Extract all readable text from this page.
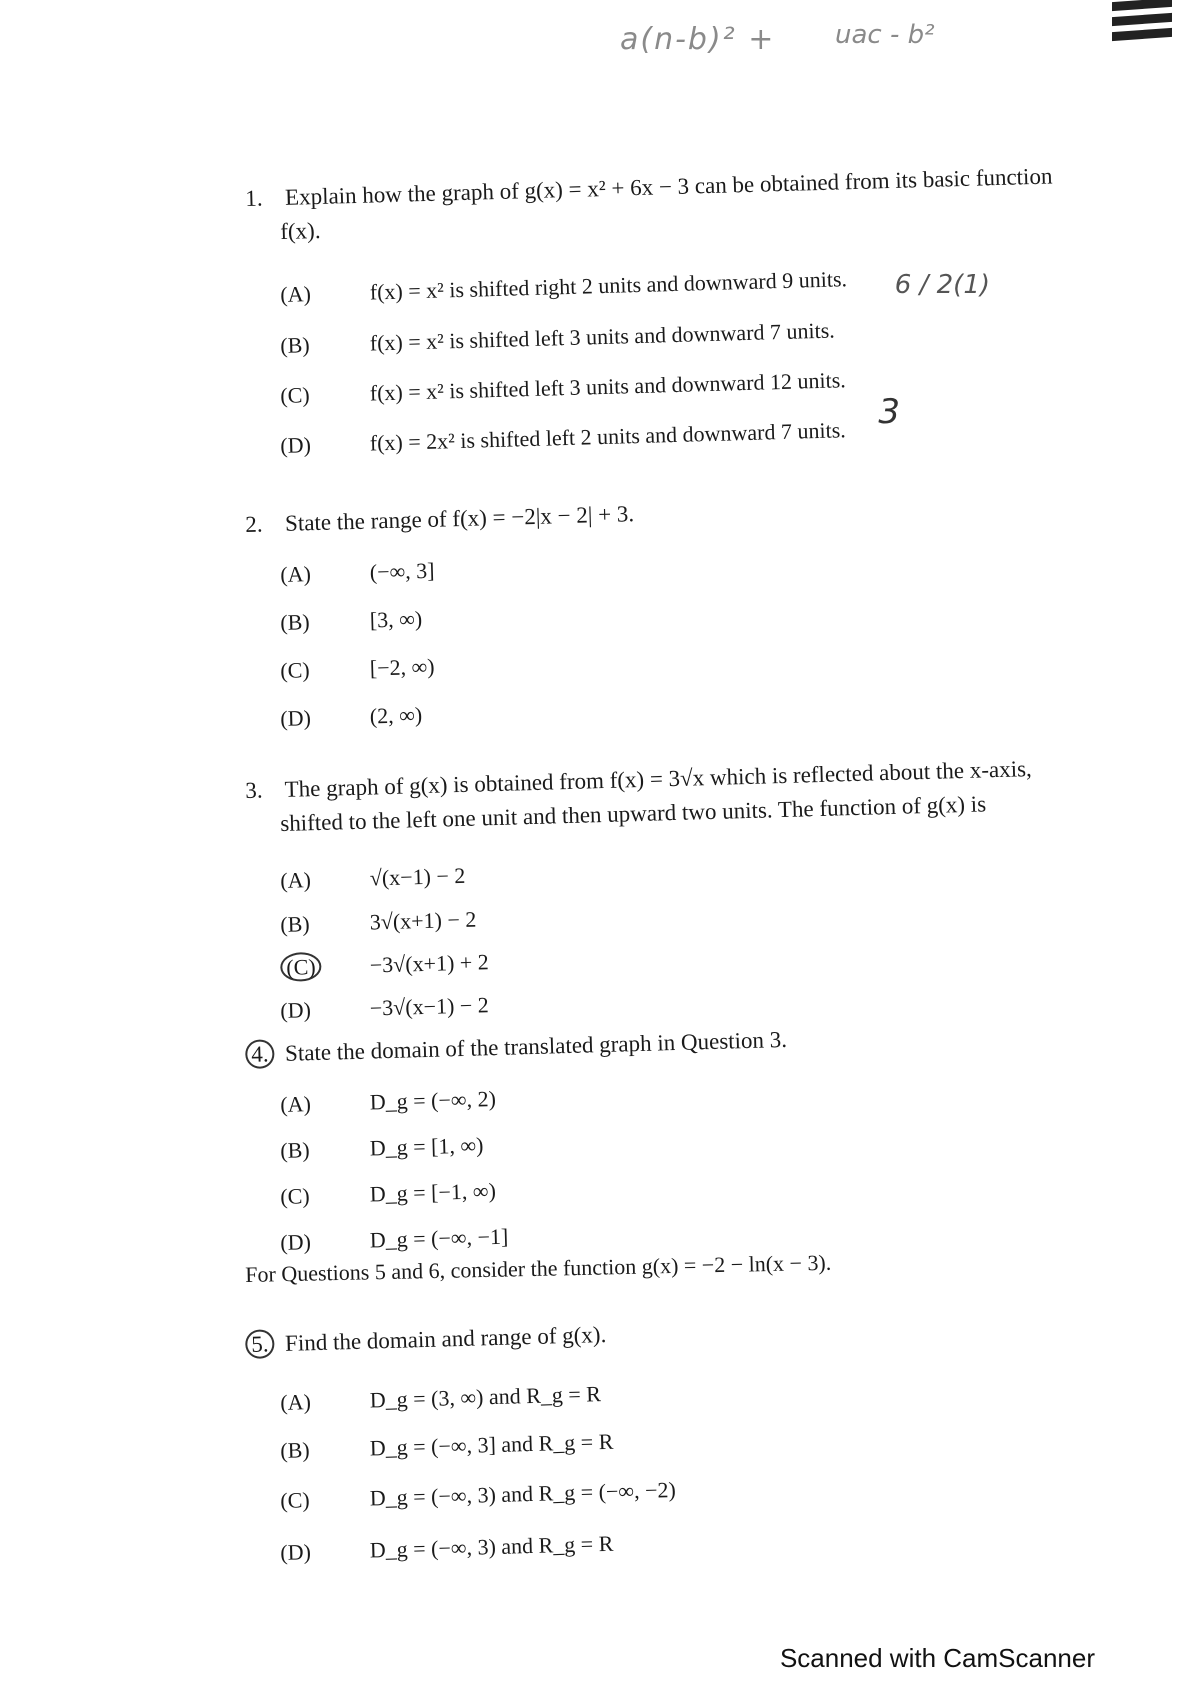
a(n-b)² + uac - b²
6 / 2(1)
3
1. Explain how the graph of g(x) = x² + 6x − 3 can be obtained from its basic function
f(x).
(A)	f(x) = x² is shifted right 2 units and downward 9 units.
(B)	f(x) = x² is shifted left 3 units and downward 7 units.
(C)	f(x) = x² is shifted left 3 units and downward 12 units.
(D)	f(x) = 2x² is shifted left 2 units and downward 7 units.
2. State the range of f(x) = −2|x − 2| + 3.
(A)	(−∞, 3]
(B)	[3, ∞)
(C)	[−2, ∞)
(D)	(2, ∞)
3. The graph of g(x) is obtained from f(x) = 3√x which is reflected about the x-axis,
shifted to the left one unit and then upward two units. The function of g(x) is
(A)	√(x−1) − 2
(B)	3√(x+1) − 2
(C) −3√(x+1) + 2
(D)	−3√(x−1) − 2
4. State the domain of the translated graph in Question 3.
(A)	D_g = (−∞, 2)
(B)	D_g = [1, ∞)
(C)	D_g = [−1, ∞)
(D)	D_g = (−∞, −1]
For Questions 5 and 6, consider the function g(x) = −2 − ln(x − 3).
5. Find the domain and range of g(x).
(A)	D_g = (3, ∞) and R_g = R
(B)	D_g = (−∞, 3] and R_g = R
(C)	D_g = (−∞, 3) and R_g = (−∞, −2)
(D)	D_g = (−∞, 3) and R_g = R
Scanned with CamScanner
